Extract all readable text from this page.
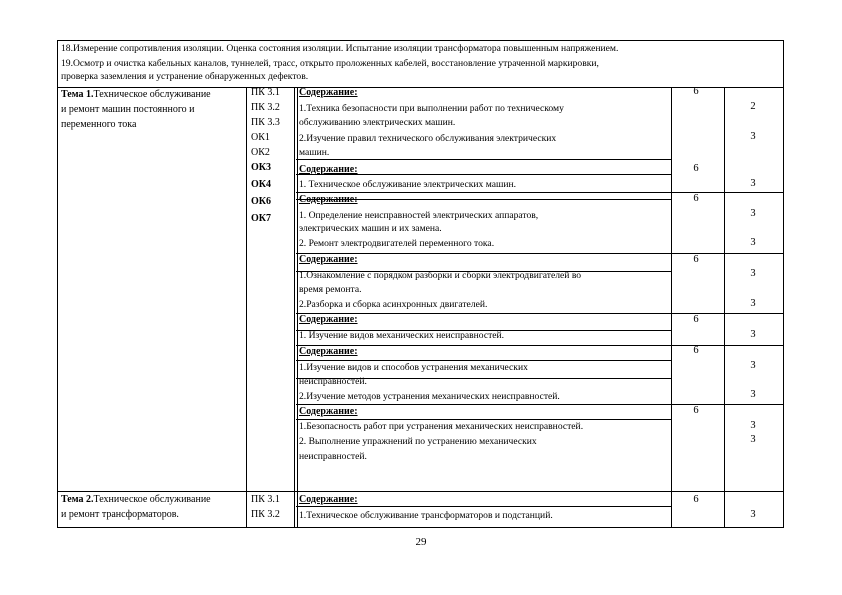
18.Измерение сопротивления изоляции. Оценка состояния изоляции. Испытание изоляции трансформатора повышенным напряжением.
19.Осмотр и очистка кабельных каналов, туннелей, трасс, открыто проложенных кабелей, восстановление утраченной маркировки,
проверка заземления и устранение обнаруженных дефектов.
Тема 1.Техническое обслуживание
и ремонт машин постоянного и
переменного тока
ПК 3.1
ПК 3.2
ПК 3.3
ОК1
ОК2
ОК3
ОК4
ОК6
ОК7
Содержание:
1.Техника безопасности при выполнении работ по техническому
обслуживанию электрических машин.
2.Изучение правил технического обслуживания электрических
машин.
6
2
3
Содержание:
1. Техническое обслуживание электрических машин.
6
3
Содержание:
1. Определение неисправностей электрических аппаратов,
электрических машин и их замена.
2. Ремонт электродвигателей переменного тока.
6
3
3
Содержание:
1.Ознакомление с порядком разборки и сборки электродвигателей во
время ремонта.
2.Разборка и сборка асинхронных двигателей.
6
3
3
Содержание:
1. Изучение видов механических неисправностей.
6
3
Содержание:
1.Изучение видов и способов устранения механических
неисправностей.
2.Изучение методов устранения механических неисправностей.
6
3
3
Содержание:
1.Безопасность работ при устранения механических неисправностей.
2. Выполнение упражнений по устранению механических
неисправностей.
6
3
3
Тема 2.Техническое обслуживание
и ремонт трансформаторов.
ПК 3.1
ПК 3.2
Содержание:
1.Техническое обслуживание трансформаторов и подстанций.
6
3
29
